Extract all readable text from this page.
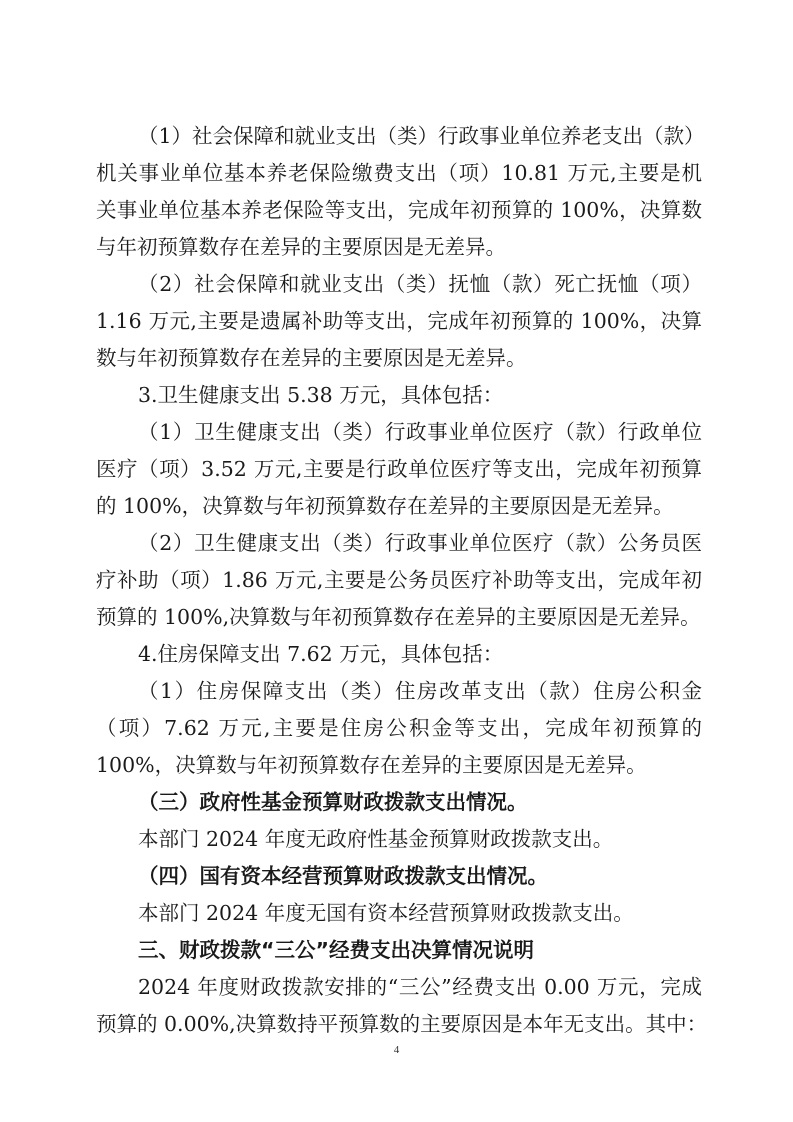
（1）社会保障和就业支出（类）行政事业单位养老支出（款）
机关事业单位基本养老保险缴费支出（项）10.81 万元,主要是机
关事业单位基本养老保险等支出，完成年初预算的 100%，决算数
与年初预算数存在差异的主要原因是无差异。
（2）社会保障和就业支出（类）抚恤（款）死亡抚恤（项）
1.16 万元,主要是遗属补助等支出，完成年初预算的 100%，决算
数与年初预算数存在差异的主要原因是无差异。
3.卫生健康支出 5.38 万元，具体包括：
（1）卫生健康支出（类）行政事业单位医疗（款）行政单位
医疗（项）3.52 万元,主要是行政单位医疗等支出，完成年初预算
的 100%，决算数与年初预算数存在差异的主要原因是无差异。
（2）卫生健康支出（类）行政事业单位医疗（款）公务员医
疗补助（项）1.86 万元,主要是公务员医疗补助等支出，完成年初
预算的 100%,决算数与年初预算数存在差异的主要原因是无差异。
4.住房保障支出 7.62 万元，具体包括：
（1）住房保障支出（类）住房改革支出（款）住房公积金
（项）7.62 万元,主要是住房公积金等支出，完成年初预算的
100%，决算数与年初预算数存在差异的主要原因是无差异。
（三）政府性基金预算财政拨款支出情况。
本部门 2024 年度无政府性基金预算财政拨款支出。
（四）国有资本经营预算财政拨款支出情况。
本部门 2024 年度无国有资本经营预算财政拨款支出。
三、财政拨款“三公”经费支出决算情况说明
2024 年度财政拨款安排的“三公”经费支出 0.00 万元，完成
预算的 0.00%,决算数持平预算数的主要原因是本年无支出。其中：
4
